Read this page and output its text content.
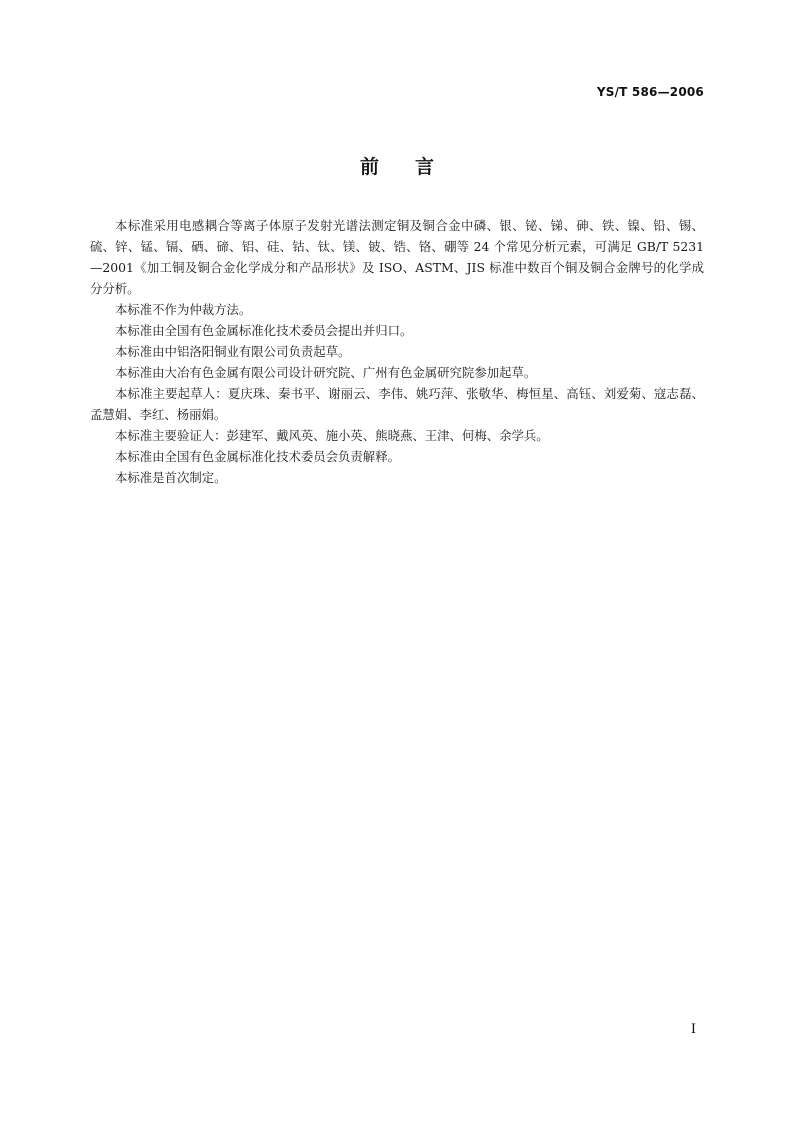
YS/T 586—2006
前言

本标准采用电感耦合等离子体原子发射光谱法测定铜及铜合金中磷、银、铋、锑、砷、铁、镍、铅、锡、硫、锌、锰、镉、硒、碲、铝、硅、钴、钛、镁、铍、锆、铬、硼等 24 个常见分析元素，可满足 GB/T 5231—2001《加工铜及铜合金化学成分和产品形状》及 ISO、ASTM、JIS 标准中数百个铜及铜合金牌号的化学成分分析。

本标准不作为仲裁方法。

本标准由全国有色金属标准化技术委员会提出并归口。

本标准由中铝洛阳铜业有限公司负责起草。

本标准由大冶有色金属有限公司设计研究院、广州有色金属研究院参加起草。

本标准主要起草人：夏庆珠、秦书平、谢丽云、李伟、姚巧萍、张敬华、梅恒星、高钰、刘爱菊、寇志磊、孟慧娟、李红、杨丽娟。

本标准主要验证人：彭建军、戴风英、施小英、熊晓燕、王津、何梅、余学兵。

本标准由全国有色金属标准化技术委员会负责解释。

本标准是首次制定。

I
